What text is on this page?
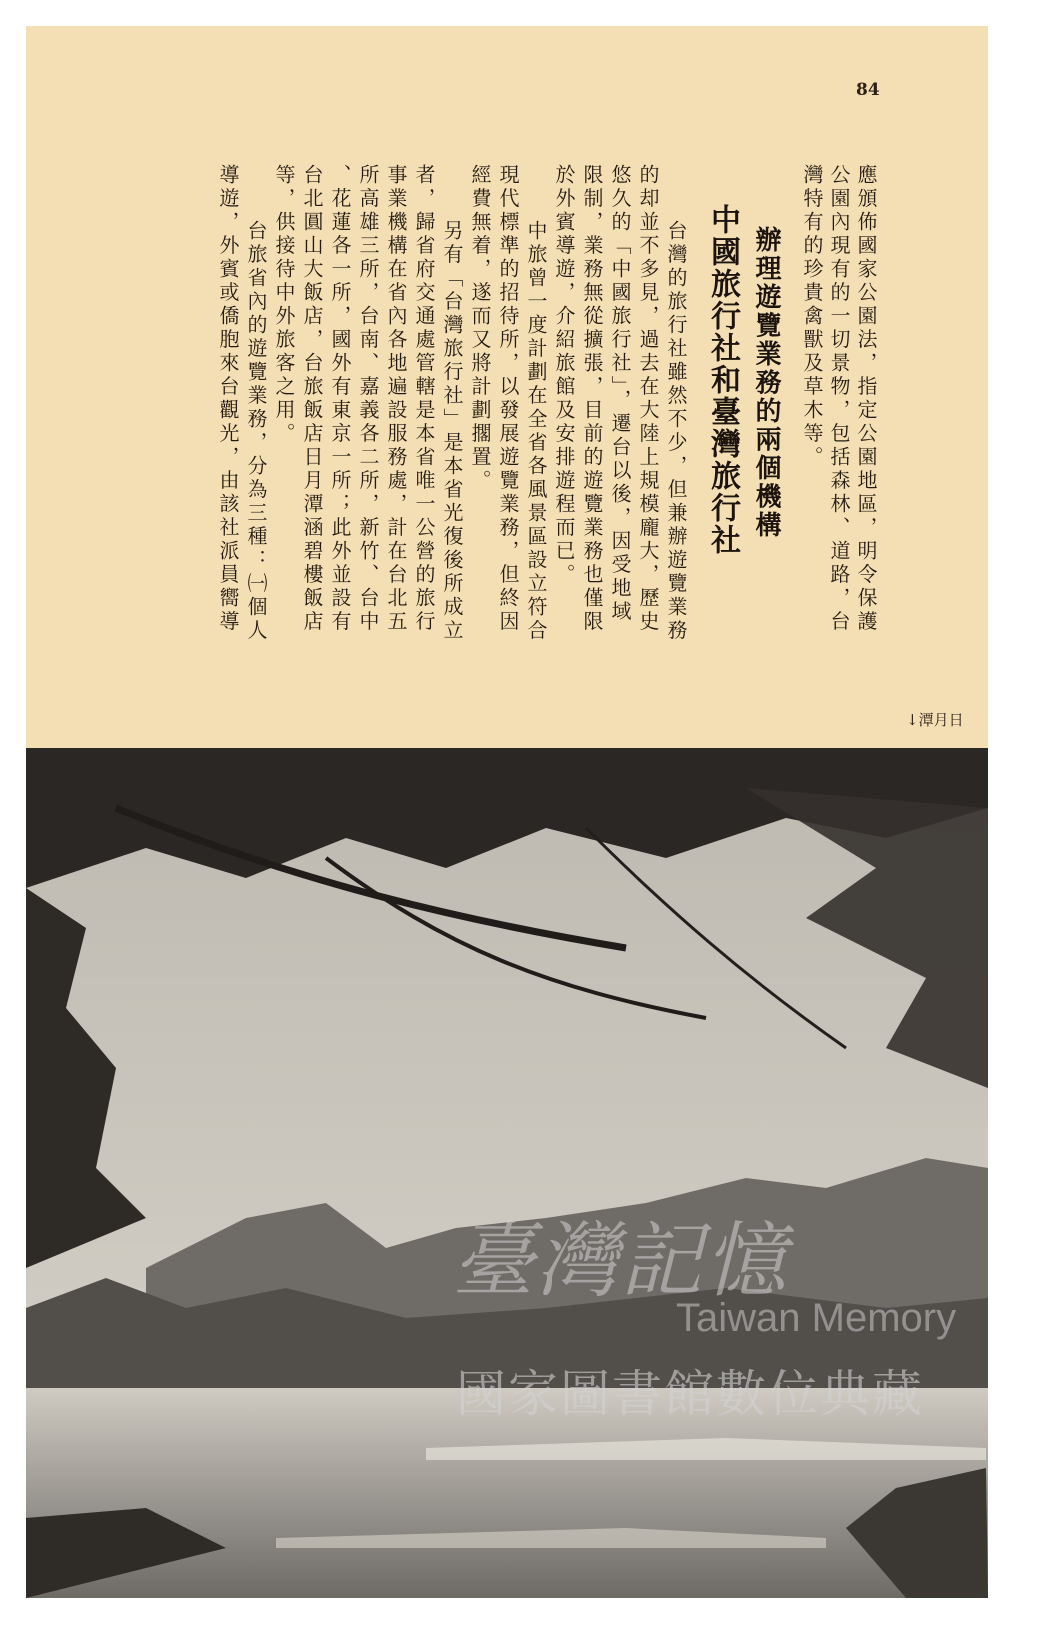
84
應頒佈國家公園法，指定公園地區，明令保護
公園內現有的一切景物，包括森林、道路，台
灣特有的珍貴禽獸及草木等。
辦理遊覽業務的兩個機構
中國旅行社和臺灣旅行社
台灣的旅行社雖然不少，但兼辦遊覽業務
的却並不多見，過去在大陸上規模龐大，歷史
悠久的「中國旅行社」，遷台以後，因受地域
限制，業務無從擴張，目前的遊覽業務也僅限
於外賓導遊，介紹旅館及安排遊程而已。
中旅曾一度計劃在全省各風景區設立符合
現代標準的招待所，以發展遊覽業務，但終因
經費無着，遂而又將計劃擱置。
另有「台灣旅行社」是本省光復後所成立
者，歸省府交通處管轄是本省唯一公營的旅行
事業機構在省內各地遍設服務處，計在台北五
所高雄三所，台南、嘉義各二所，新竹、台中
、花蓮各一所，國外有東京一所；此外並設有
台北圓山大飯店，台旅飯店日月潭涵碧樓飯店
等，供接待中外旅客之用。
台旅省內的遊覽業務，分為三種：㈠個人
導遊，外賓或僑胞來台觀光，由該社派員嚮導
↓潭月日
臺灣記憶
Taiwan Memory
國家圖書館數位典藏
